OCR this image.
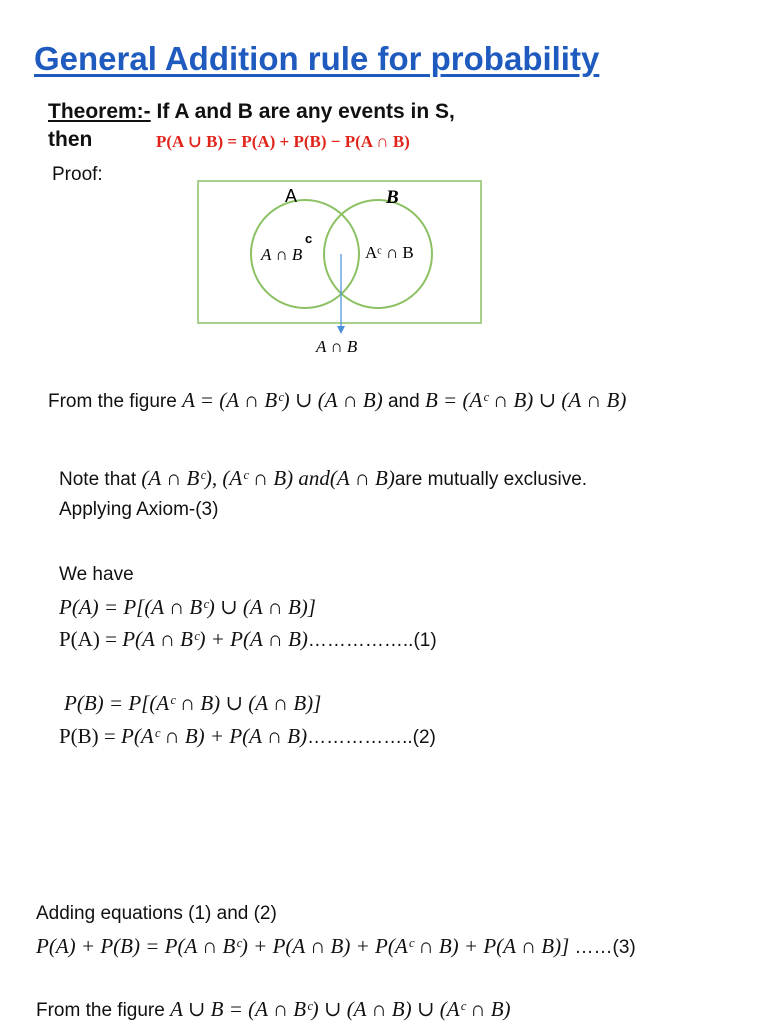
General Addition rule for probability
Theorem:- If A and B are any events in S,
then	P(A ∪ B) = P(A) + P(B) − P(A ∩ B)
Proof:
A	B
A ∩ B
c
Aᶜ ∩ B
A ∩ B
From the figure A = (A ∩ Bᶜ) ∪ (A ∩ B) and B = (Aᶜ ∩ B) ∪ (A ∩ B)
Note that (A ∩ Bᶜ), (Aᶜ ∩ B) and(A ∩ B)are mutually exclusive.
Applying Axiom-(3)
We have
P(A) = P[(A ∩ Bᶜ) ∪ (A ∩ B)]
P(A) = P(A ∩ Bᶜ) + P(A ∩ B)……………..(1)
P(B) = P[(Aᶜ ∩ B) ∪ (A ∩ B)]
P(B) = P(Aᶜ ∩ B) + P(A ∩ B)……………..(2)
Adding equations (1) and (2)
P(A) + P(B) = P(A ∩ Bᶜ) + P(A ∩ B) + P(Aᶜ ∩ B) + P(A ∩ B)] ……(3)
From the figure A ∪ B = (A ∩ Bᶜ) ∪ (A ∩ B) ∪ (Aᶜ ∩ B)
